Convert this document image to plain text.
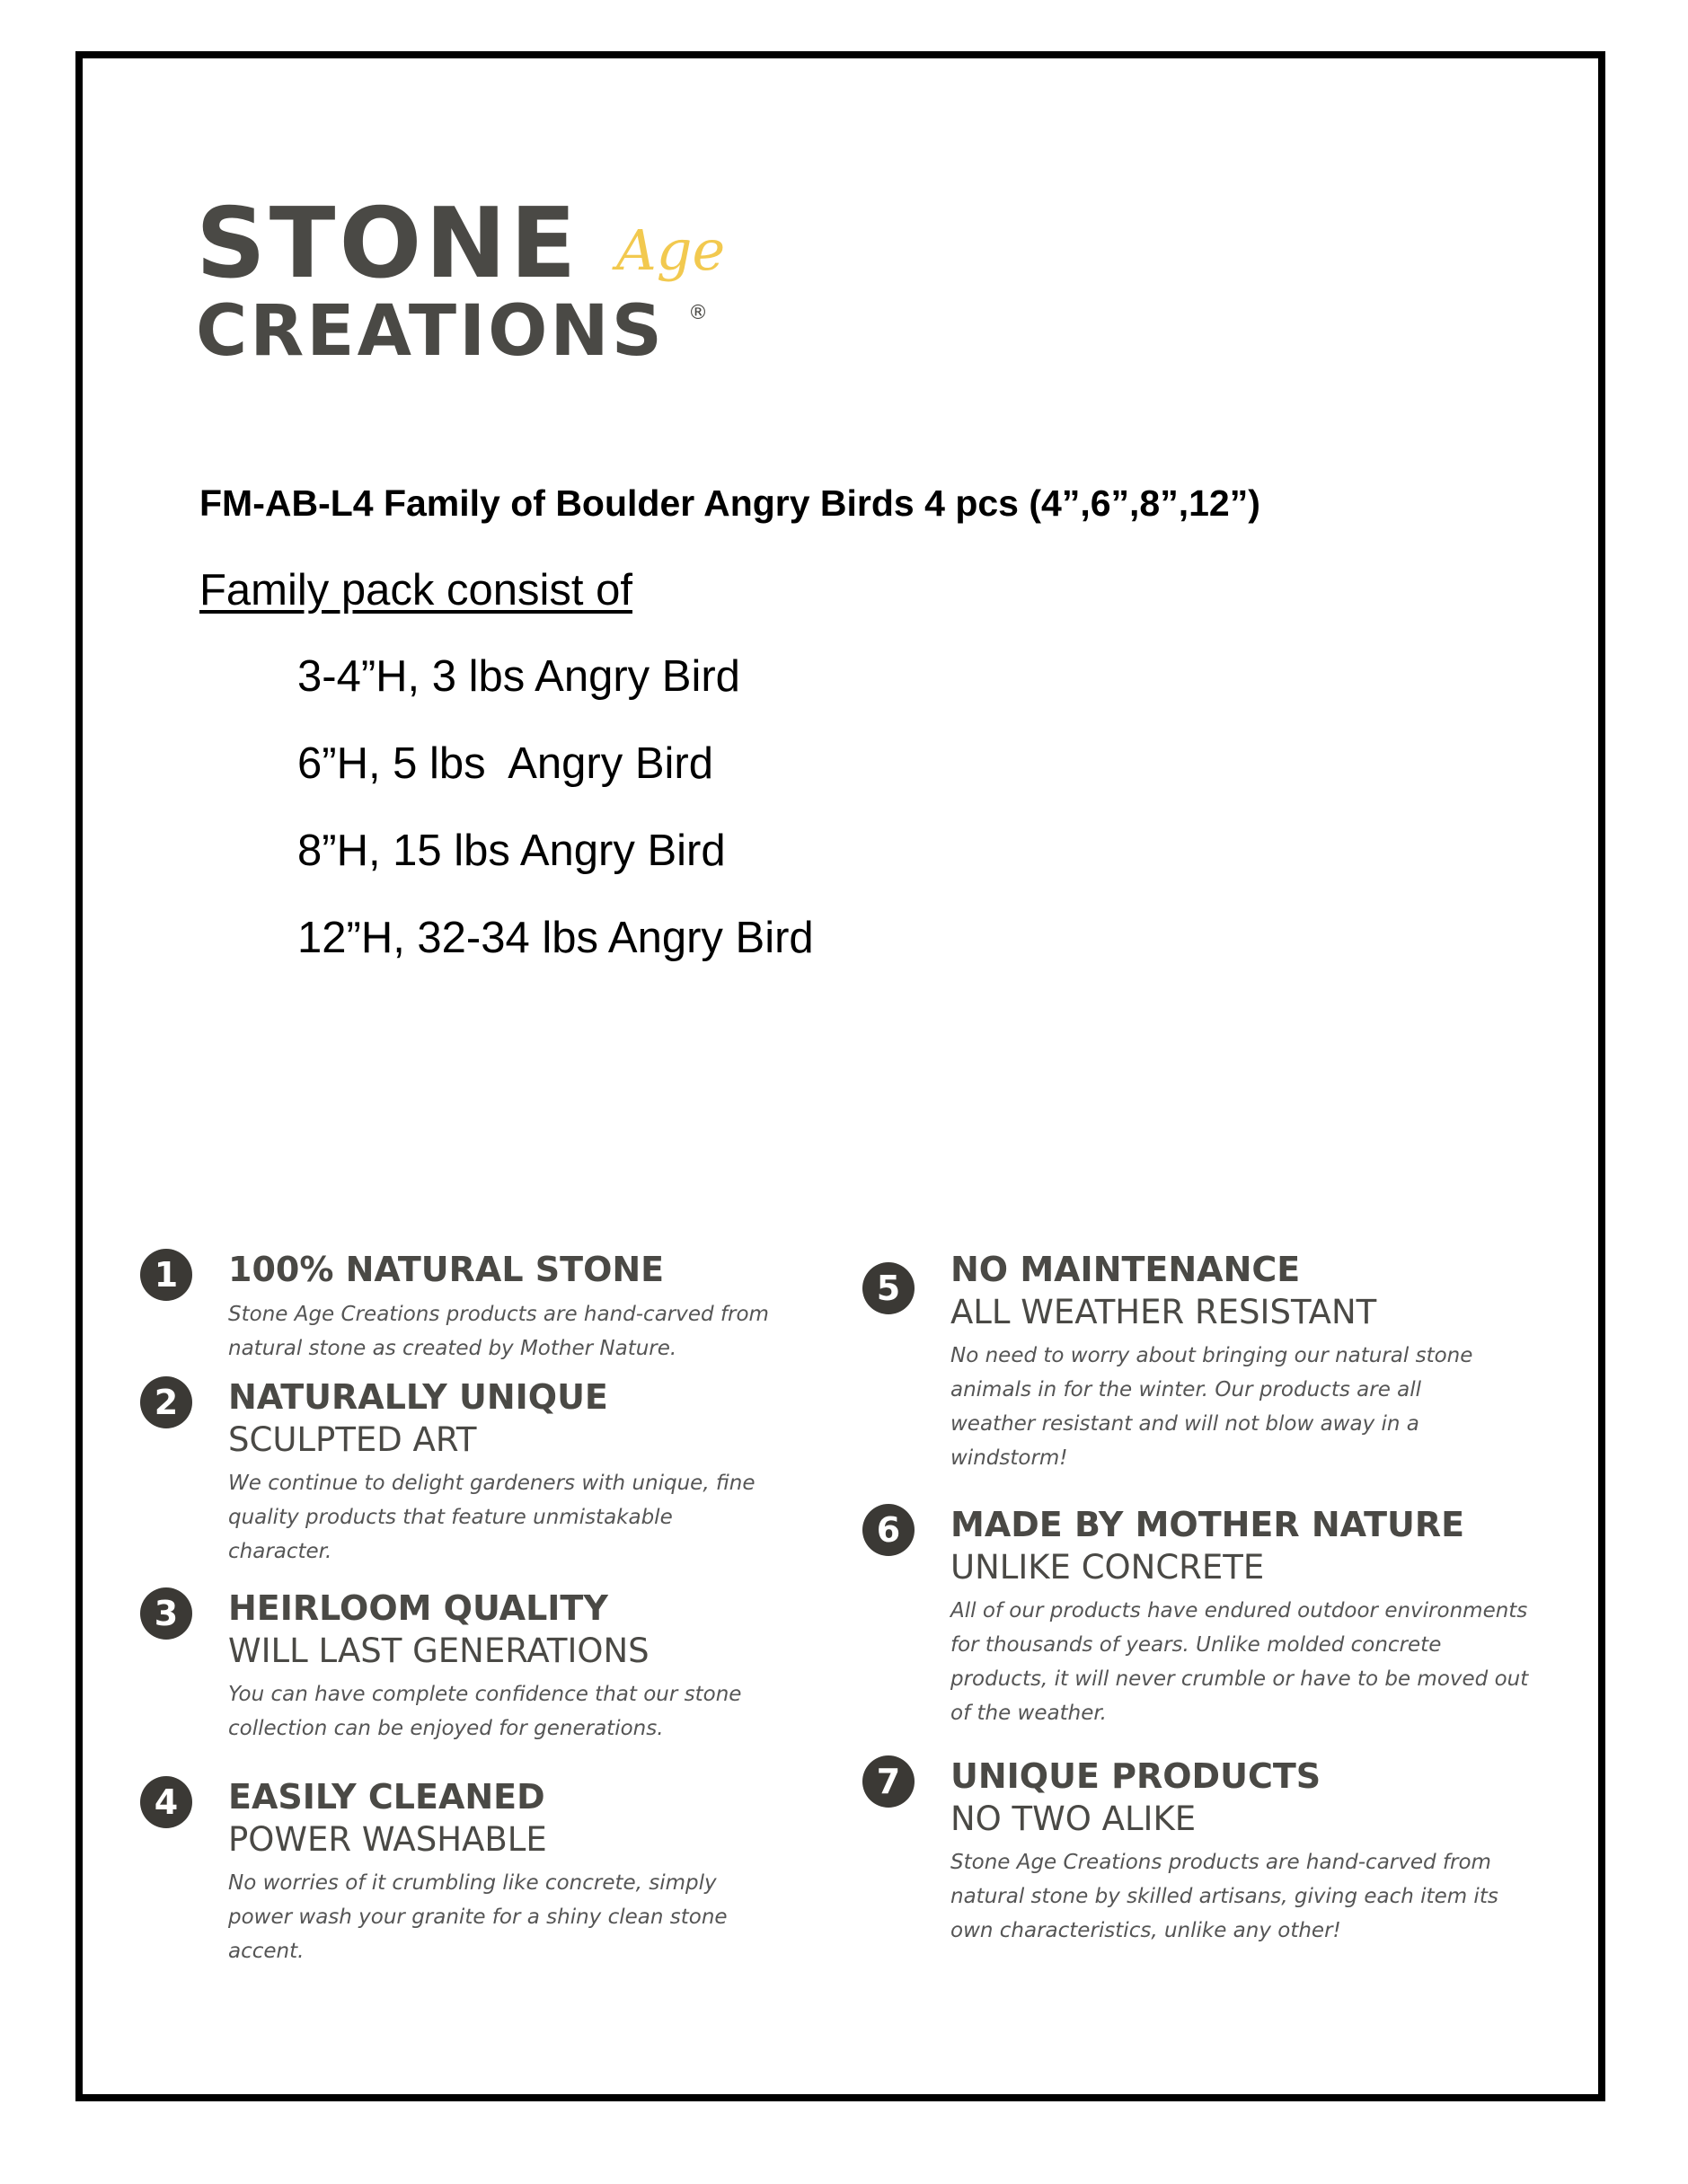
STONE Age
CREATIONS ®
FM-AB-L4 Family of Boulder Angry Birds 4 pcs (4”,6”,8”,12”)
Family pack consist of
3-4”H, 3 lbs Angry Bird
6”H, 5 lbs  Angry Bird
8”H, 15 lbs Angry Bird
12”H, 32-34 lbs Angry Bird
1	100% NATURAL STONE
Stone Age Creations products are hand-carved from natural stone as created by Mother Nature.
2	NATURALLY UNIQUE
SCULPTED ART
We continue to delight gardeners with unique, fine quality products that feature unmistakable character.
3	HEIRLOOM QUALITY
WILL LAST GENERATIONS
You can have complete confidence that our stone collection can be enjoyed for generations.
4	EASILY CLEANED
POWER WASHABLE
No worries of it crumbling like concrete, simply power wash your granite for a shiny clean stone accent.
5	NO MAINTENANCE
ALL WEATHER RESISTANT
No need to worry about bringing our natural stone animals in for the winter. Our products are all weather resistant and will not blow away in a windstorm!
6	MADE BY MOTHER NATURE
UNLIKE CONCRETE
All of our products have endured outdoor environments for thousands of years. Unlike molded concrete products, it will never crumble or have to be moved out of the weather.
7	UNIQUE PRODUCTS
NO TWO ALIKE
Stone Age Creations products are hand-carved from natural stone by skilled artisans, giving each item its own characteristics, unlike any other!
